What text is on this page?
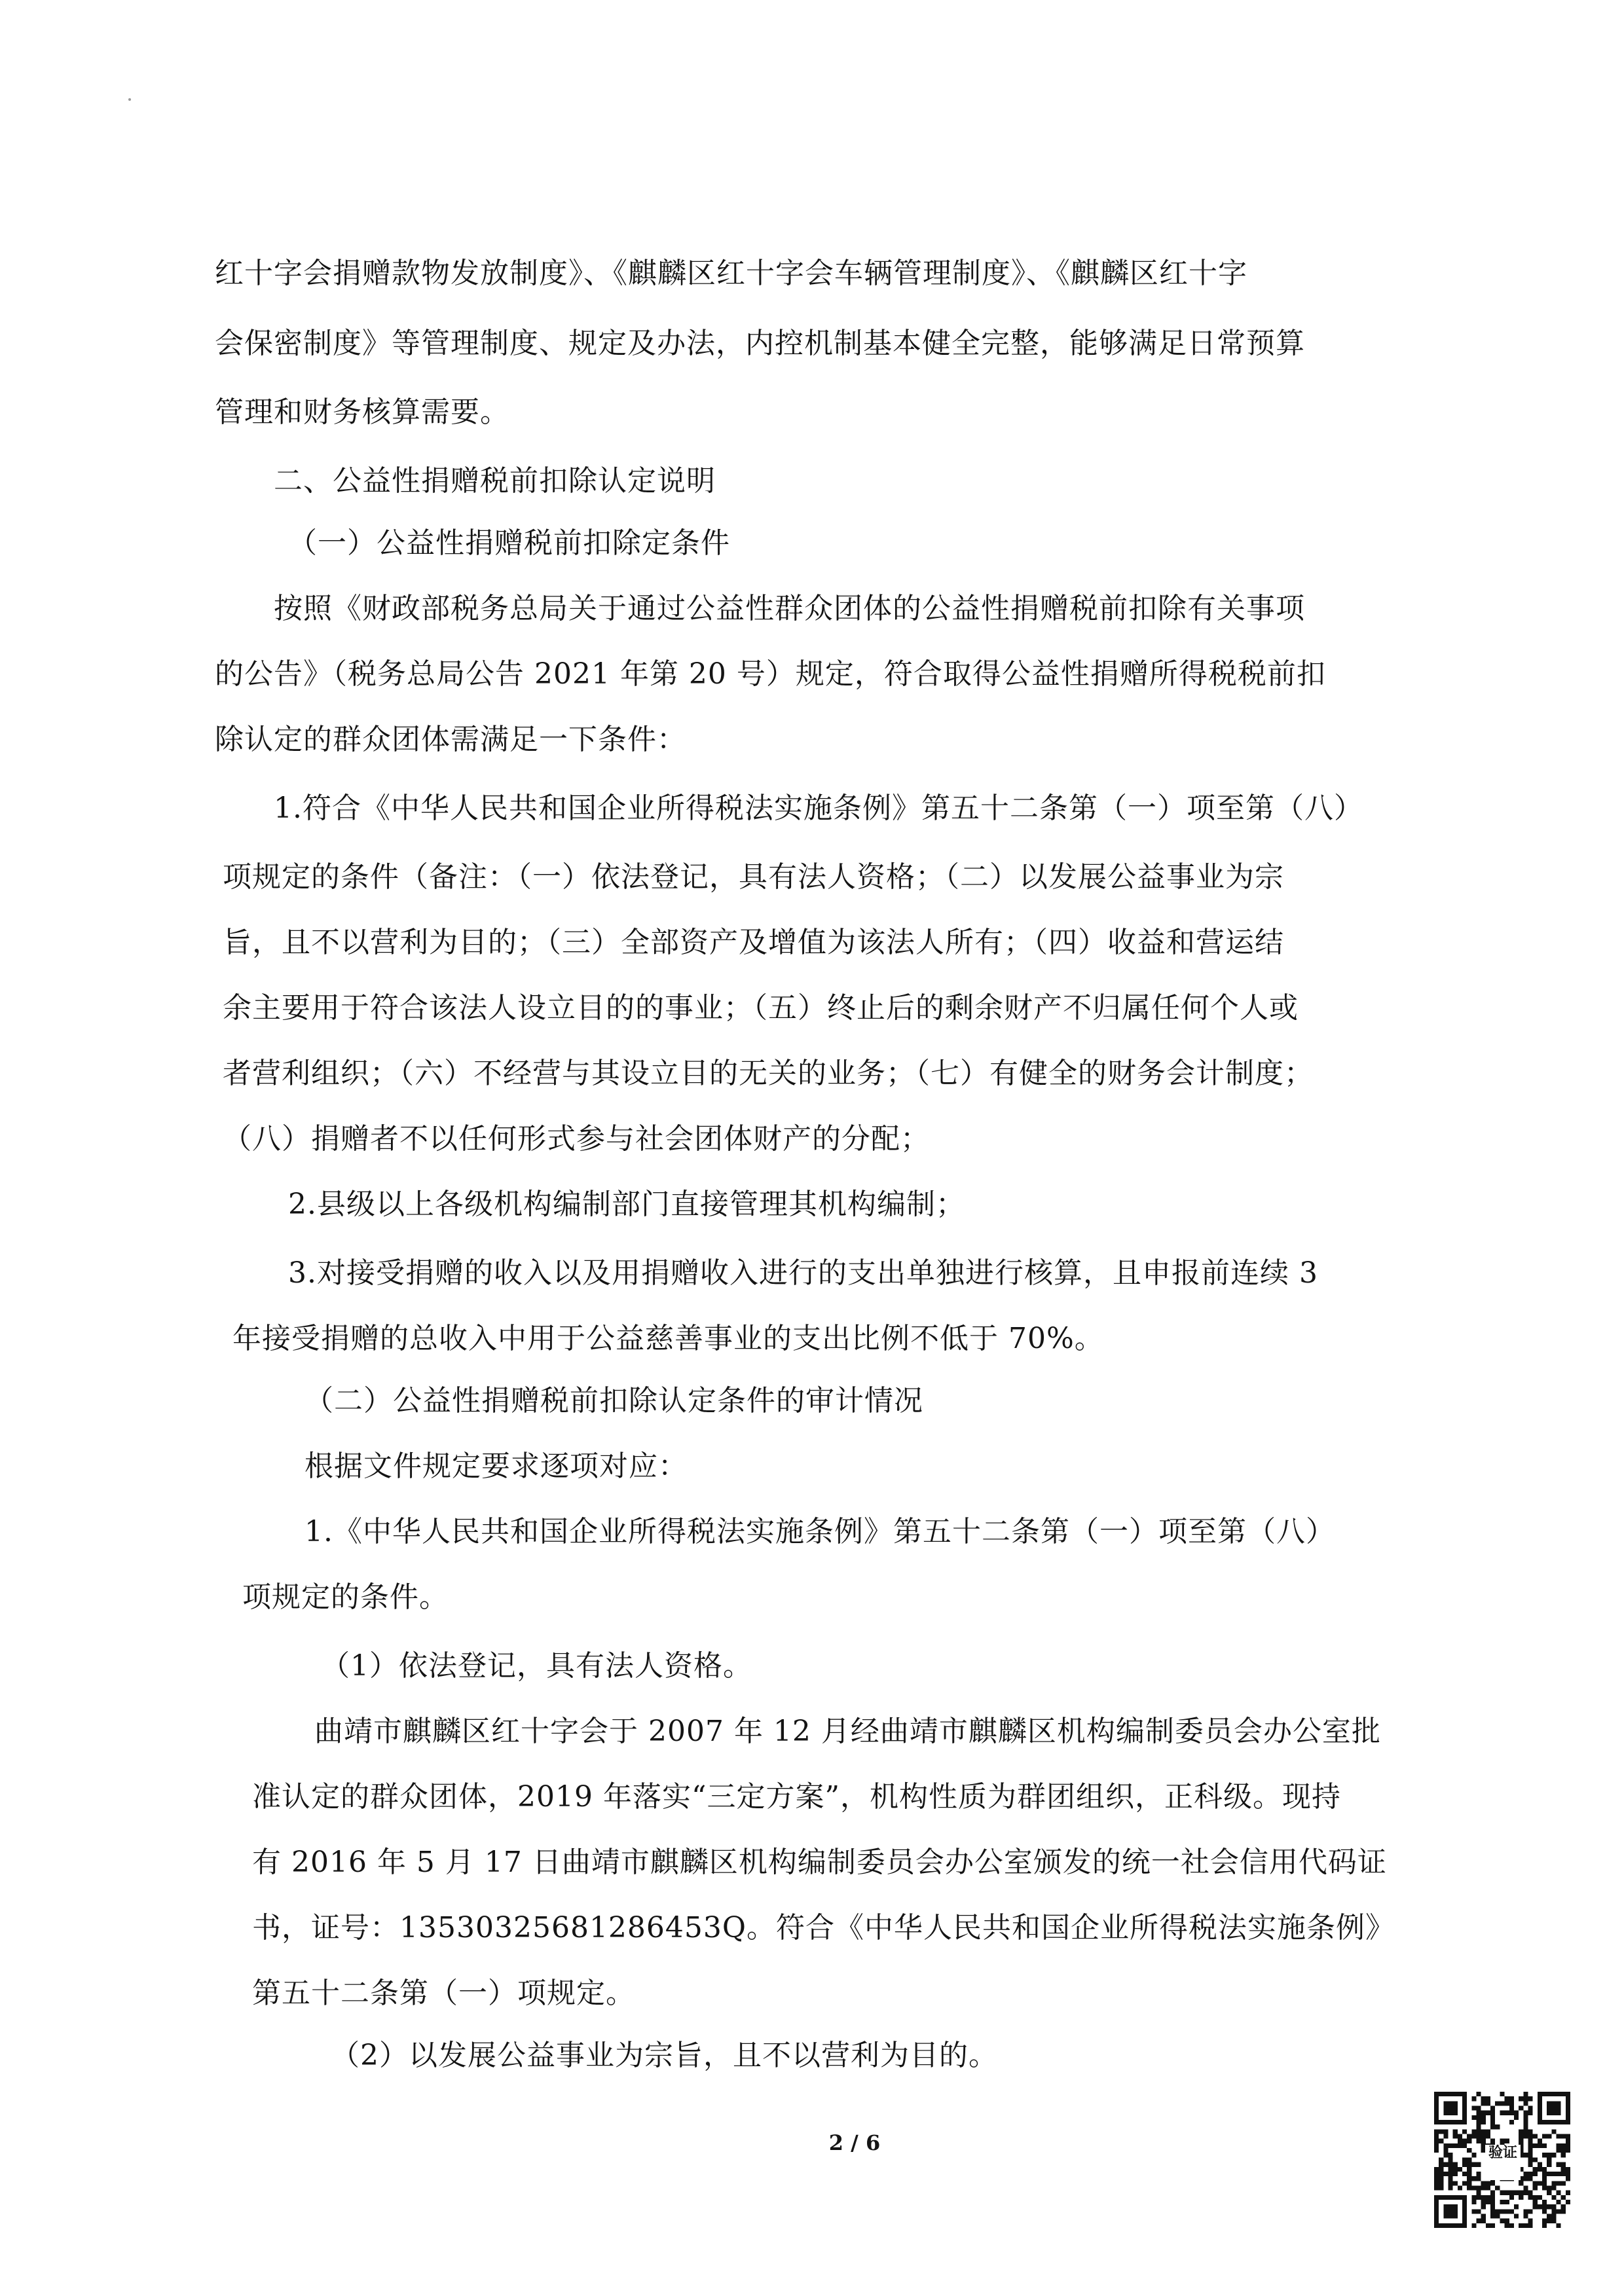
红十字会捐赠款物发放制度》、《麒麟区红十字会车辆管理制度》、《麒麟区红十字

会保密制度》等管理制度、规定及办法，内控机制基本健全完整，能够满足日常预算

管理和财务核算需要。

二、公益性捐赠税前扣除认定说明

（一）公益性捐赠税前扣除定条件

按照《财政部税务总局关于通过公益性群众团体的公益性捐赠税前扣除有关事项

的公告》（税务总局公告 2021 年第 20 号）规定，符合取得公益性捐赠所得税税前扣

除认定的群众团体需满足一下条件：

1.符合《中华人民共和国企业所得税法实施条例》第五十二条第（一）项至第（八）

项规定的条件（备注：（一）依法登记，具有法人资格；（二）以发展公益事业为宗

旨，且不以营利为目的；（三）全部资产及增值为该法人所有；（四）收益和营运结

余主要用于符合该法人设立目的的事业；（五）终止后的剩余财产不归属任何个人或

者营利组织；（六）不经营与其设立目的无关的业务；（七）有健全的财务会计制度；

（八）捐赠者不以任何形式参与社会团体财产的分配；

2.县级以上各级机构编制部门直接管理其机构编制；

3.对接受捐赠的收入以及用捐赠收入进行的支出单独进行核算，且申报前连续 3

年接受捐赠的总收入中用于公益慈善事业的支出比例不低于 70%。

（二）公益性捐赠税前扣除认定条件的审计情况

根据文件规定要求逐项对应：

1.《中华人民共和国企业所得税法实施条例》第五十二条第（一）项至第（八）

项规定的条件。

（1）依法登记，具有法人资格。

曲靖市麒麟区红十字会于 2007 年 12 月经曲靖市麒麟区机构编制委员会办公室批

准认定的群众团体，2019 年落实“三定方案”，机构性质为群团组织，正科级。现持

有 2016 年 5 月 17 日曲靖市麒麟区机构编制委员会办公室颁发的统一社会信用代码证

书，证号：13530325681286453Q。符合《中华人民共和国企业所得税法实施条例》

第五十二条第（一）项规定。

（2）以发展公益事业为宗旨，且不以营利为目的。

2 / 6	验证
